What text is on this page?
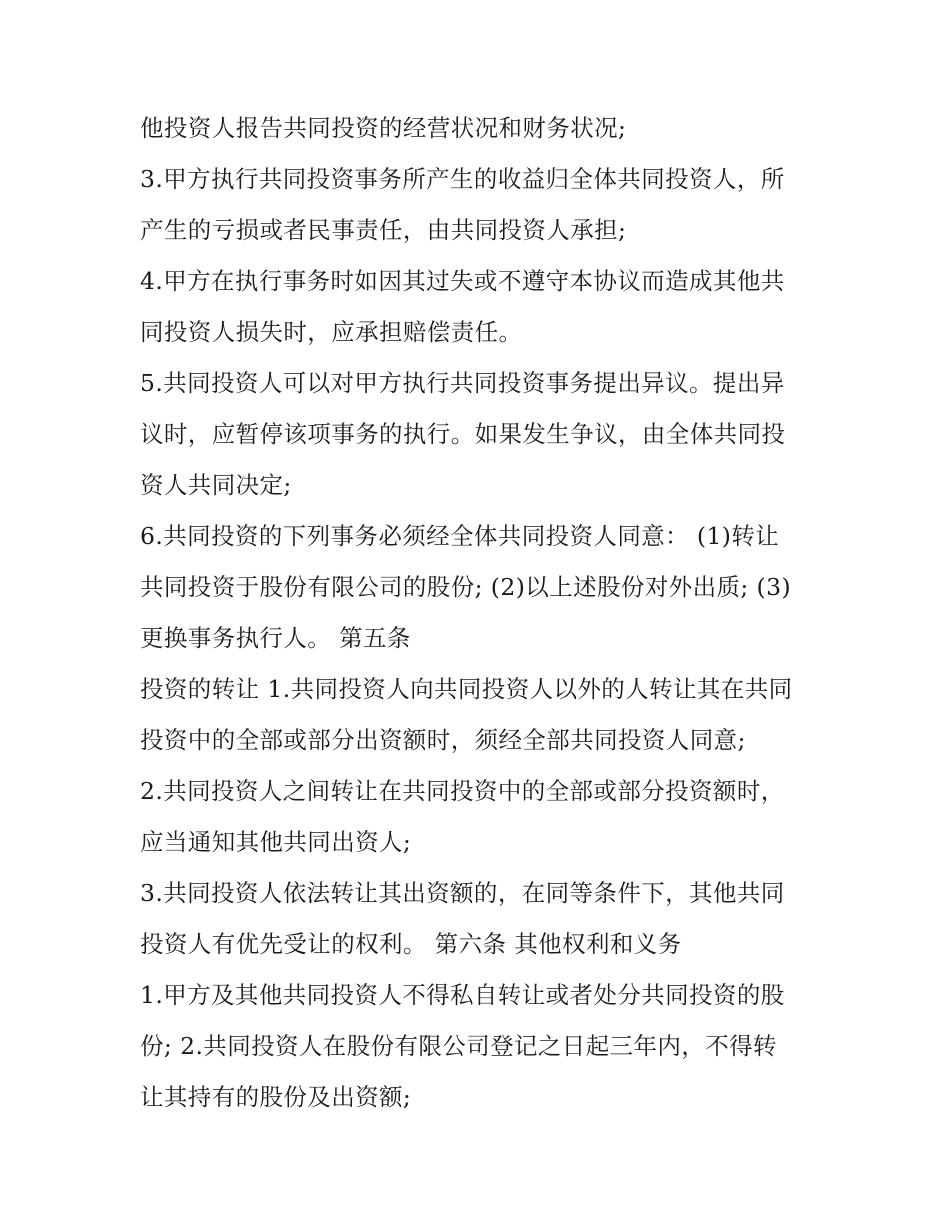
他投资人报告共同投资的经营状况和财务状况;
3.甲方执行共同投资事务所产生的收益归全体共同投资人，所
产生的亏损或者民事责任，由共同投资人承担;
4.甲方在执行事务时如因其过失或不遵守本协议而造成其他共
同投资人损失时，应承担赔偿责任。
5.共同投资人可以对甲方执行共同投资事务提出异议。提出异
议时，应暂停该项事务的执行。如果发生争议，由全体共同投
资人共同决定;
6.共同投资的下列事务必须经全体共同投资人同意： (1)转让
共同投资于股份有限公司的股份; (2)以上述股份对外出质; (3)
更换事务执行人。 第五条
投资的转让 1.共同投资人向共同投资人以外的人转让其在共同
投资中的全部或部分出资额时，须经全部共同投资人同意;
2.共同投资人之间转让在共同投资中的全部或部分投资额时，
应当通知其他共同出资人;
3.共同投资人依法转让其出资额的，在同等条件下，其他共同
投资人有优先受让的权利。 第六条 其他权利和义务
1.甲方及其他共同投资人不得私自转让或者处分共同投资的股
份; 2.共同投资人在股份有限公司登记之日起三年内，不得转
让其持有的股份及出资额;
